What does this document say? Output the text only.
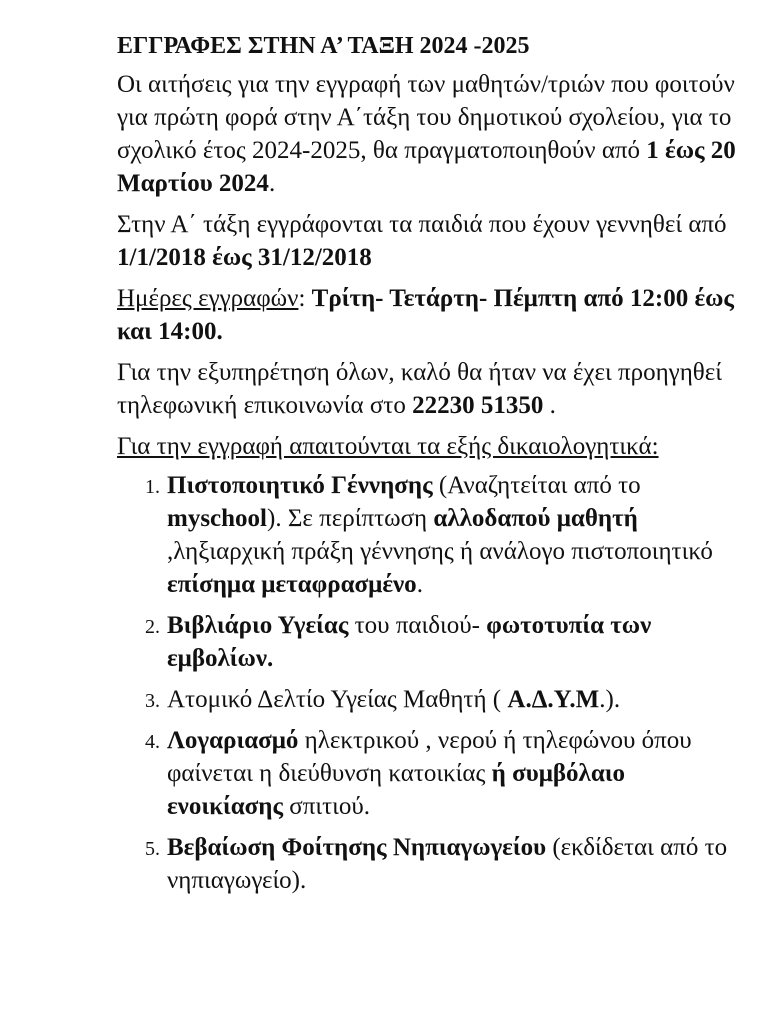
ΕΓΓΡΑΦΕΣ ΣΤΗΝ Α’ ΤΑΞΗ 2024 -2025

Οι αιτήσεις για την εγγραφή των μαθητών/τριών που φοιτούν για πρώτη φορά στην Α΄τάξη του δημοτικού σχολείου, για το σχολικό έτος 2024-2025, θα πραγματοποιηθούν από 1 έως 20 Μαρτίου 2024.

Στην Α΄ τάξη εγγράφονται τα παιδιά που έχουν γεννηθεί από 1/1/2018 έως 31/12/2018

Ημέρες εγγραφών: Τρίτη- Τετάρτη- Πέμπτη από 12:00 έως και 14:00.

Για την εξυπηρέτηση όλων, καλό θα ήταν να έχει προηγηθεί τηλεφωνική επικοινωνία στο 22230 51350 .

Για την εγγραφή απαιτούνται τα εξής δικαιολογητικά:

1. Πιστοποιητικό Γέννησης (Αναζητείται από το myschool). Σε περίπτωση αλλοδαπού μαθητή ,ληξιαρχική πράξη γέννησης ή ανάλογο πιστοποιητικό επίσημα μεταφρασμένο.
2. Βιβλιάριο Υγείας του παιδιού- φωτοτυπία των εμβολίων.
3. Ατομικό Δελτίο Υγείας Μαθητή ( Α.Δ.Υ.Μ.).
4. Λογαριασμό ηλεκτρικού , νερού ή τηλεφώνου όπου φαίνεται η διεύθυνση κατοικίας ή συμβόλαιο ενοικίασης σπιτιού.
5. Βεβαίωση Φοίτησης Νηπιαγωγείου (εκδίδεται από το νηπιαγωγείο).
